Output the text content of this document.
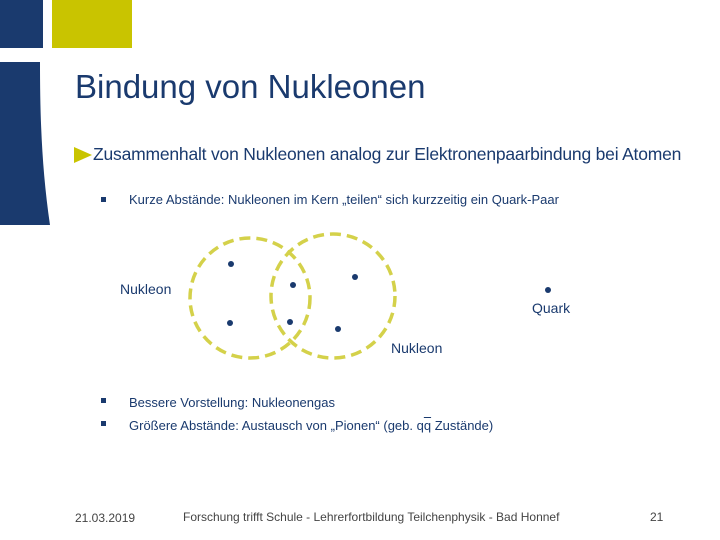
Bindung von Nukleonen
Zusammenhalt von Nukleonen analog zur Elektronenpaarbindung bei Atomen
Kurze Abstände: Nukleonen im Kern „teilen“ sich kurzzeitig ein Quark-Paar
Nukleon
Quark
Nukleon
Bessere Vorstellung: Nukleonengas
Größere Abstände: Austausch von „Pionen“ (geb. $q\overline{q}$ Zustände)
21.03.2019	Forschung trifft Schule - Lehrerfortbildung Teilchenphysik - Bad Honnef	21
